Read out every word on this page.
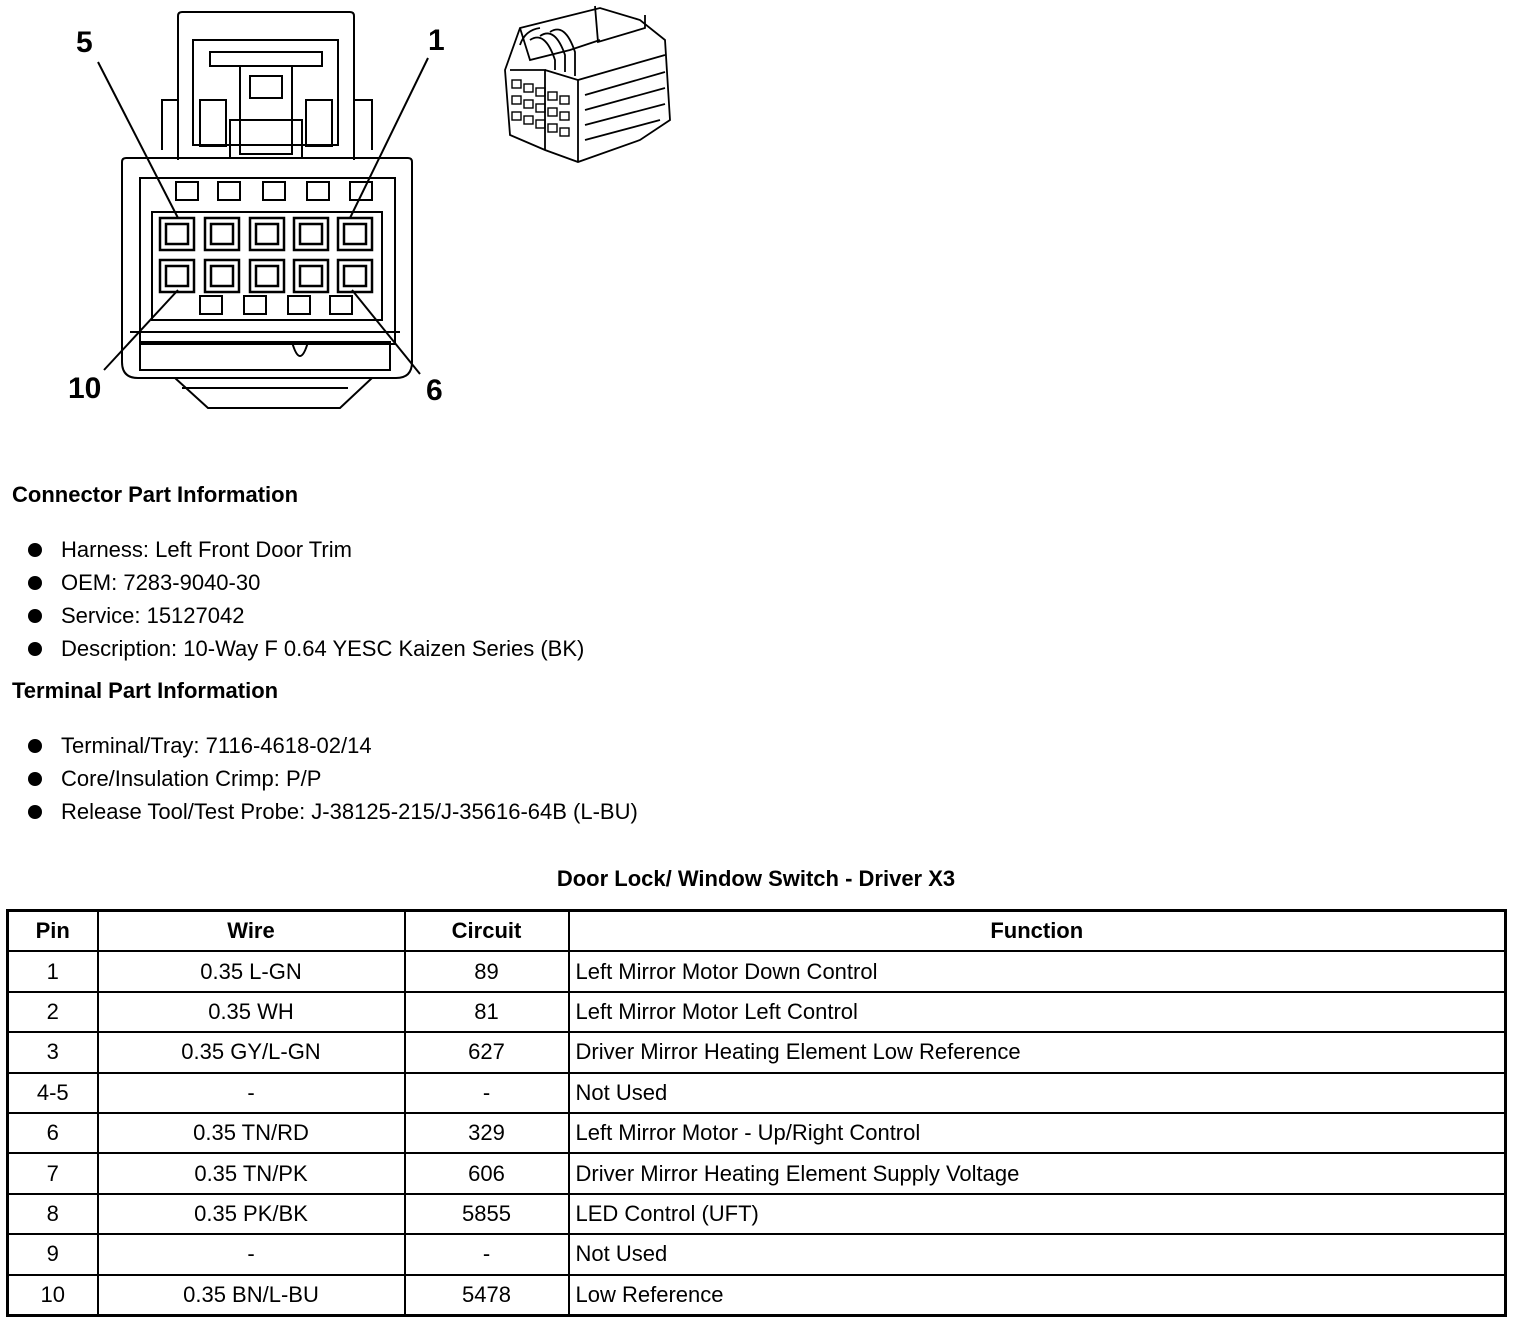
5	1
10	6
Connector Part Information
Harness: Left Front Door Trim
OEM: 7283-9040-30
Service: 15127042
Description: 10-Way F 0.64 YESC Kaizen Series (BK)
Terminal Part Information
Terminal/Tray: 7116-4618-02/14
Core/Insulation Crimp: P/P
Release Tool/Test Probe: J-38125-215/J-35616-64B (L-BU)
Door Lock/ Window Switch - Driver X3
Pin	Wire	Circuit	Function
1	0.35 L-GN	89	Left Mirror Motor Down Control
2	0.35 WH	81	Left Mirror Motor Left Control
3	0.35 GY/L-GN	627	Driver Mirror Heating Element Low Reference
4-5	-	-	Not Used
6	0.35 TN/RD	329	Left Mirror Motor - Up/Right Control
7	0.35 TN/PK	606	Driver Mirror Heating Element Supply Voltage
8	0.35 PK/BK	5855	LED Control (UFT)
9	-	-	Not Used
10	0.35 BN/L-BU	5478	Low Reference
